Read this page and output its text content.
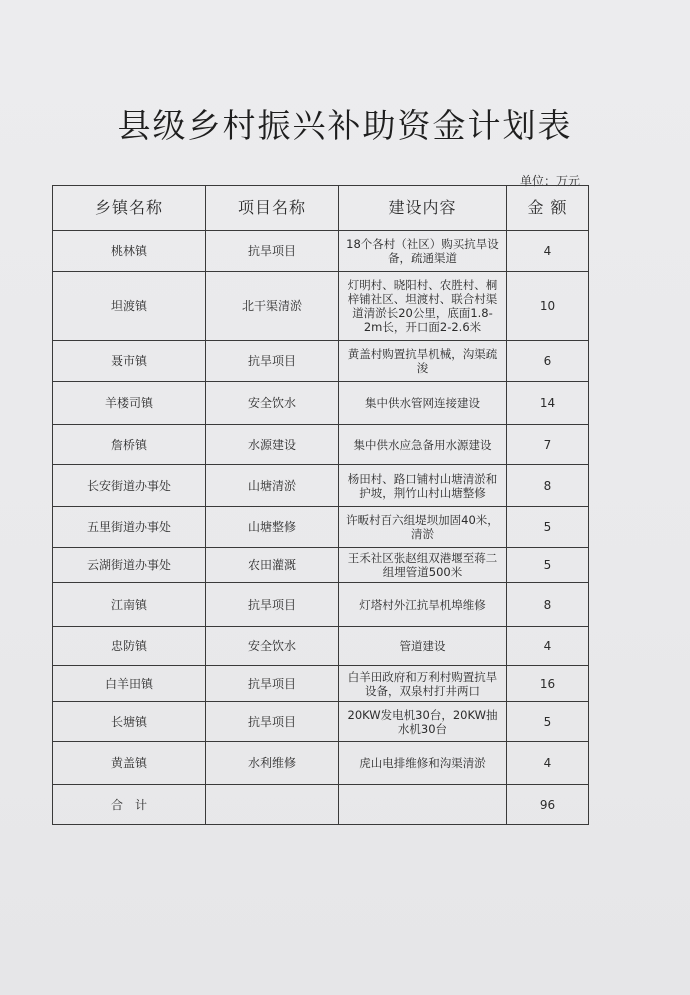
县级乡村振兴补助资金计划表
单位：万元
乡镇名称	项目名称	建设内容	金 额
桃林镇	抗旱项目	18个各村（社区）购买抗旱设备，疏通渠道	4
坦渡镇	北干渠清淤	灯明村、晓阳村、农胜村、桐梓铺社区、坦渡村、联合村渠道清淤长20公里，底面1.8-2m长，开口面2-2.6米	10
聂市镇	抗旱项目	黄盖村购置抗旱机械，沟渠疏浚	6
羊楼司镇	安全饮水	集中供水管网连接建设	14
詹桥镇	水源建设	集中供水应急备用水源建设	7
长安街道办事处	山塘清淤	杨田村、路口铺村山塘清淤和护坡，荆竹山村山塘整修	8
五里街道办事处	山塘整修	许畈村百六组堤坝加固40米，清淤	5
云湖街道办事处	农田灌溉	王禾社区张赵组双港堰至蒋二组埋管道500米	5
江南镇	抗旱项目	灯塔村外江抗旱机埠维修	8
忠防镇	安全饮水	管道建设	4
白羊田镇	抗旱项目	白羊田政府和万利村购置抗旱设备，双泉村打井两口	16
长塘镇	抗旱项目	20KW发电机30台，20KW抽水机30台	5
黄盖镇	水利维修	虎山电排维修和沟渠清淤	4
合　计			96
